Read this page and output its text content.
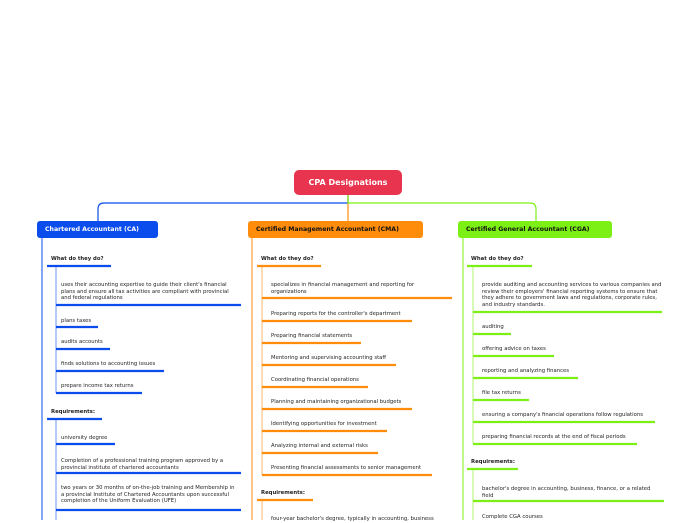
CPA Designations
Chartered Accountant (CA)	Certified Management Accountant (CMA)	Certified General Accountant (CGA)
What do they do?
uses their accounting expertise to guide their client's financial plans and ensure all tax activities are compliant with provincial and federal regulations
plans taxes
audits accounts
finds solutions to accounting issues
prepare income tax returns
Requirements:
university degree
Completion of a professional training program approved by a provincial institute of chartered accountants
two years or 30 months of on-the-job training and Membership in a provincial Institute of Chartered Accountants upon successful completion of the Uniform Evaluation (UFE)
What do they do?
specializes in financial management and reporting for organizations
Preparing reports for the controller's department
Preparing financial statements
Mentoring and supervising accounting staff
Coordinating financial operations
Planning and maintaining organizational budgets
Identifying opportunities for investment
Analyzing internal and external risks
Presenting financial assessments to senior management
Requirements:
four-year bachelor's degree, typically in accounting, business
What do they do?
provide auditing and accounting services to various companies and review their employers' financial reporting systems to ensure that they adhere to government laws and regulations, corporate rules, and industry standards.
auditing
offering advice on taxes
reporting and analyzing finances
file tax returns
ensuring a company's financial operations follow regulations
preparing financial records at the end of fiscal periods
Requirements:
bachelor's degree in accounting, business, finance, or a related field
Complete CGA courses
